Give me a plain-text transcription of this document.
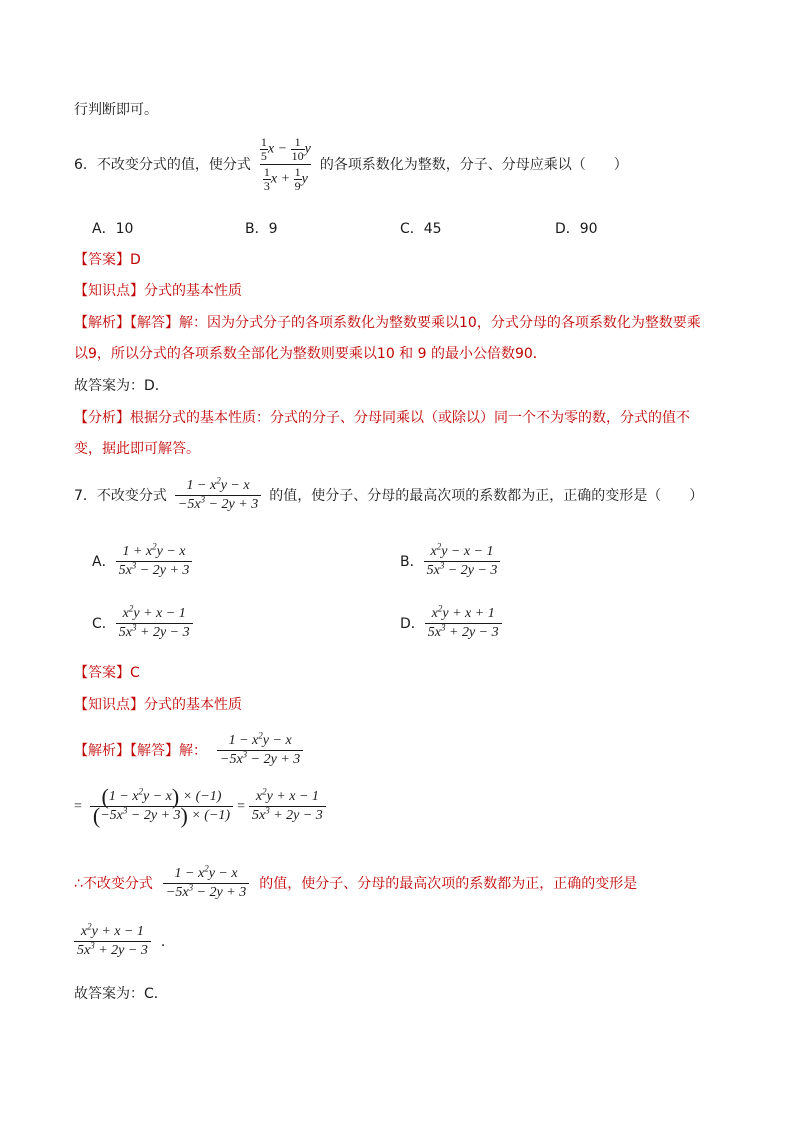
行判断即可。
6．不改变分式的值，使分式 $\frac{\frac{1}{5} x - \frac{1}{10} y}{\frac{1}{3} x + \frac{1}{9} y}$ 的各项系数化为整数，分子、分母应乘以（　　）
A．10	B．9	C．45	D．90
【答案】D
【知识点】分式的基本性质
【解析】【解答】解：因为分式分子的各项系数化为整数要乘以10，分式分母的各项系数化为整数要乘
以9，所以分式的各项系数全部化为整数则要乘以10 和 9 的最小公倍数90．
故答案为：D．
【分析】根据分式的基本性质：分式的分子、分母同乘以（或除以）同一个不为零的数，分式的值不
变，据此即可解答。
7．不改变分式 $\frac{1 - x^2y - x}{-5x^3 - 2y + 3}$ 的值，使分子、分母的最高次项的系数都为正，正确的变形是（　　）
A． $\frac{1 + x^2y - x}{5x^3 - 2y + 3}$	B． $\frac{x^2y - x - 1}{5x^3 - 2y - 3}$
C． $\frac{x^2y + x - 1}{5x^3 + 2y - 3}$	D． $\frac{x^2y + x + 1}{5x^3 + 2y - 3}$
【答案】C
【知识点】分式的基本性质
【解析】【解答】 解： $\frac{1 - x^2y - x}{-5x^3 - 2y + 3}$
= $\frac{(1 - x^2y - x) \times (-1)}{(-5x^3 - 2y + 3) \times (-1)} = \frac{x^2y + x - 1}{5x^3 + 2y - 3}$
∴不改变分式 $\frac{1 - x^2y - x}{-5x^3 - 2y + 3}$ 的值，使分子、分母的最高次项的系数都为正，正确的变形是
$\frac{x^2y + x - 1}{5x^3 + 2y - 3}$ ．
故答案为：C．
